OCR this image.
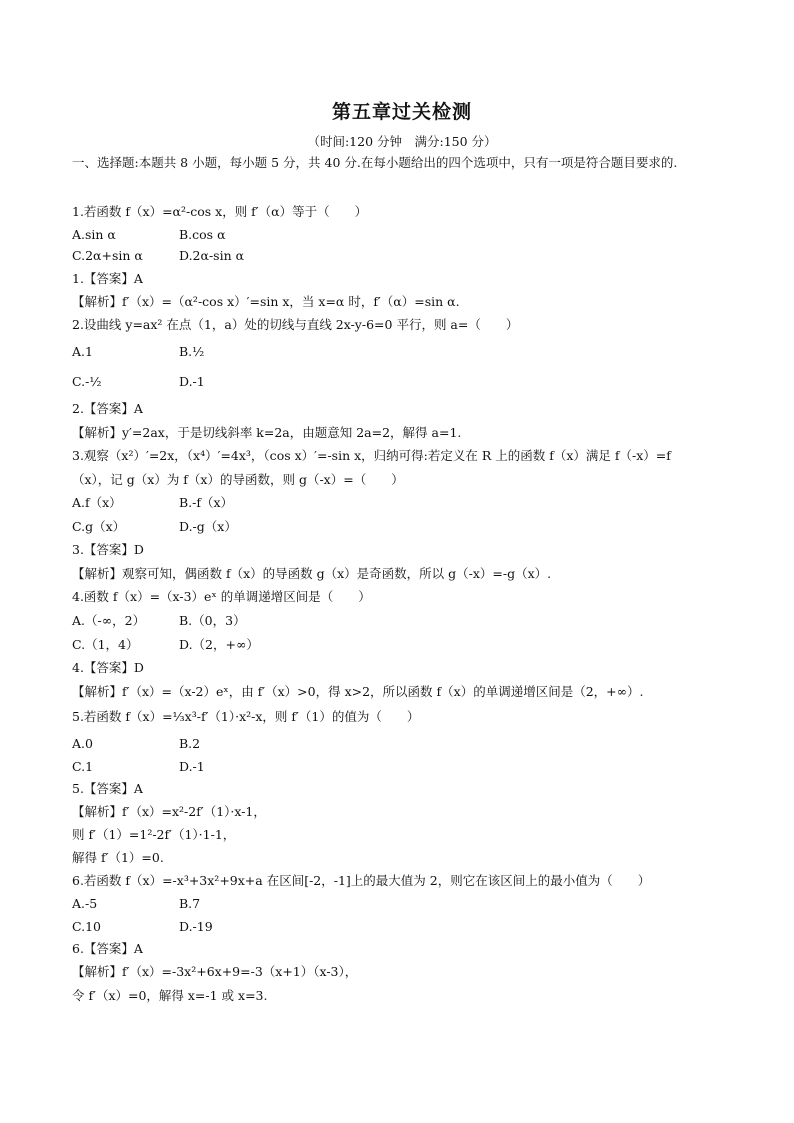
第五章过关检测
（时间:120 分钟　满分:150 分）
一、选择题:本题共 8 小题，每小题 5 分，共 40 分.在每小题给出的四个选项中，只有一项是符合题目要求的.
1.若函数 f（x）=α²-cos x，则 f′（α）等于（　　）
A.sin α	B.cos α
C.2α+sin α	D.2α-sin α
1.【答案】A
【解析】f′（x）=（α²-cos x）′=sin x，当 x=α 时，f′（α）=sin α.
2.设曲线 y=ax² 在点（1，a）处的切线与直线 2x-y-6=0 平行，则 a=（　　）
A.1	B.½
C.-½	D.-1
2.【答案】A
【解析】y′=2ax，于是切线斜率 k=2a，由题意知 2a=2，解得 a=1.
3.观察（x²）′=2x，（x⁴）′=4x³，（cos x）′=-sin x，归纳可得:若定义在 R 上的函数 f（x）满足 f（-x）=f
（x），记 g（x）为 f（x）的导函数，则 g（-x）=（　　）
A.f（x）	B.-f（x）
C.g（x）	D.-g（x）
3.【答案】D
【解析】观察可知，偶函数 f（x）的导函数 g（x）是奇函数，所以 g（-x）=-g（x）.
4.函数 f（x）=（x-3）eˣ 的单调递增区间是（　　）
A.（-∞，2）	B.（0，3）
C.（1，4）	D.（2，+∞）
4.【答案】D
【解析】f′（x）=（x-2）eˣ，由 f′（x）>0，得 x>2，所以函数 f（x）的单调递增区间是（2，+∞）.
5.若函数 f（x）=⅓x³-f′（1）·x²-x，则 f′（1）的值为（　　）
A.0	B.2
C.1	D.-1
5.【答案】A
【解析】f′（x）=x²-2f′（1）·x-1，
则 f′（1）=1²-2f′（1）·1-1，
解得 f′（1）=0.
6.若函数 f（x）=-x³+3x²+9x+a 在区间[-2，-1]上的最大值为 2，则它在该区间上的最小值为（　　）
A.-5	B.7
C.10	D.-19
6.【答案】A
【解析】f′（x）=-3x²+6x+9=-3（x+1）（x-3），
令 f′（x）=0，解得 x=-1 或 x=3.
